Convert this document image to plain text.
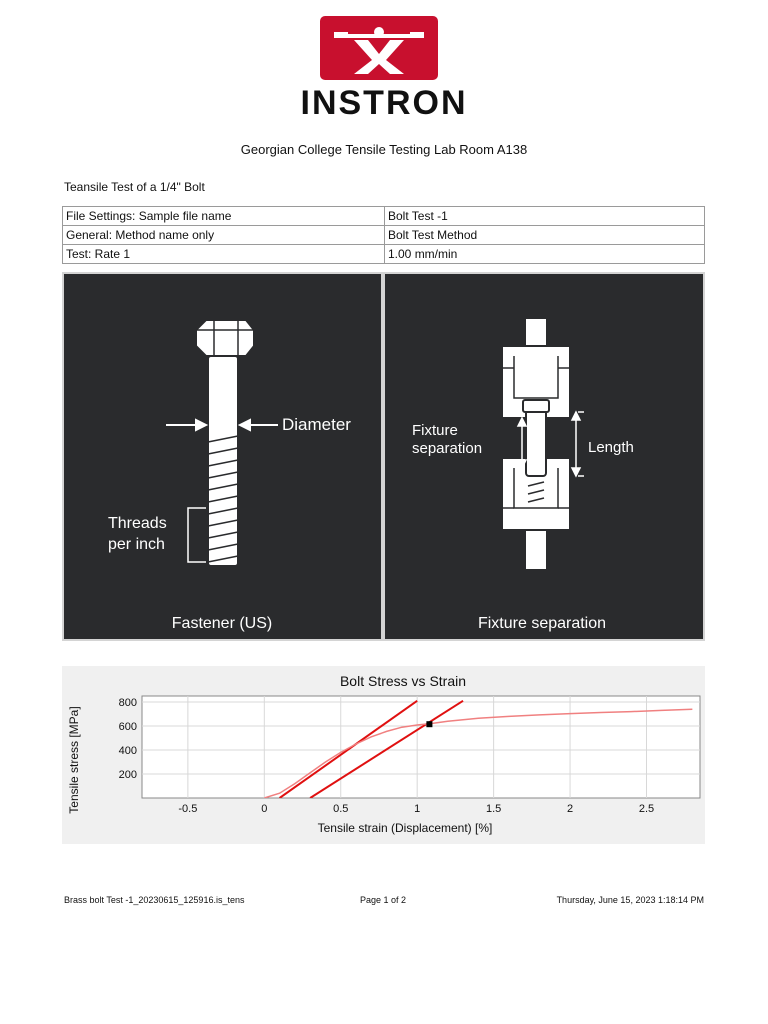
INSTRON
Georgian College Tensile Testing Lab Room A138
Teansile Test of a 1/4" Bolt
File Settings: Sample file name	Bolt Test -1
General: Method name only	Bolt Test Method
Test: Rate 1	1.00 mm/min
Diameter
Threads
per inch
Fastener (US)
Fixture
separation	Length
Fixture separation
Bolt Stress vs Strain
Tensile stress [MPa]
Tensile strain (Displacement) [%]
-0.5	0	0.5	1	1.5	2	2.5
200
400
600
800
Brass bolt Test -1_20230615_125916.is_tens	Page 1 of 2	Thursday, June 15, 2023 1:18:14 PM
